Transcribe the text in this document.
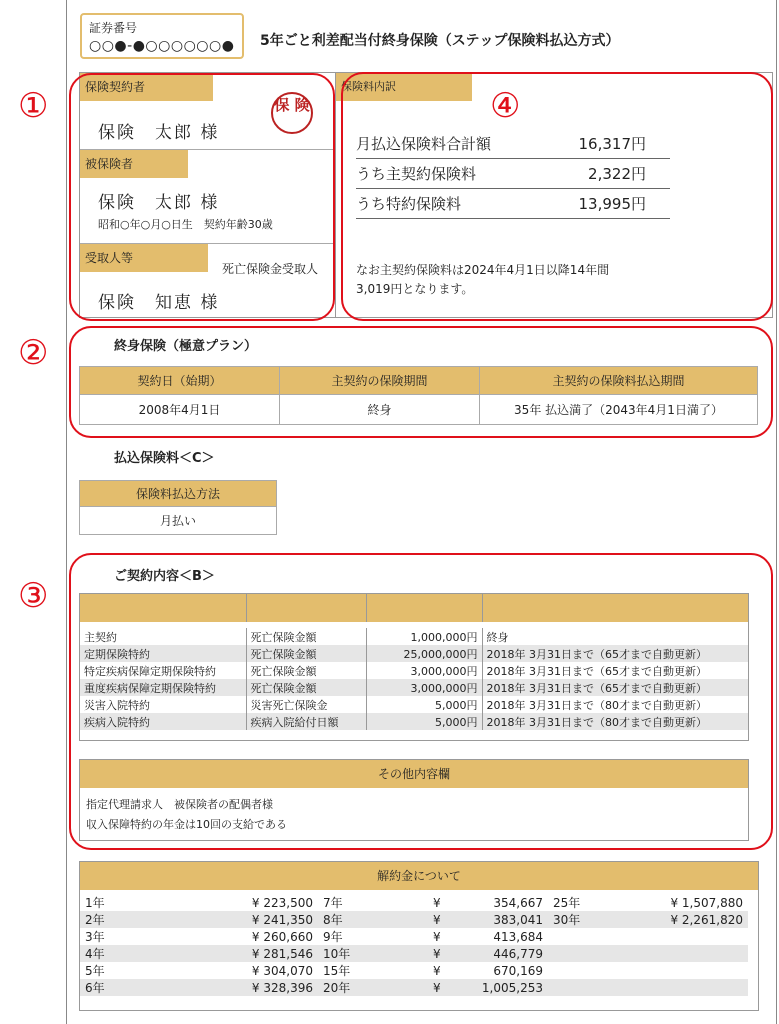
証券番号
○○●-●○○○○○○● 5年ごと利差配当付終身保険（ステップ保険料払込方式）
保険契約者
保険　太郎 様
被保険者
保険　太郎 様
昭和○年○月○日生　契約年齢30歳
受取人等
死亡保険金受取人
保険　知恵 様
保 険
保険料内訳
月払込保険料合計額	16,317円
うち主契約保険料	2,322円
うち特約保険料	13,995円
なお主契約保険料は2024年4月1日以降14年間
3,019円となります。
①	④
②
③
終身保険（極意プラン）
契約日（始期）	主契約の保険期間	主契約の保険料払込期間
2008年4月1日	終身	35年 払込満了（2043年4月1日満了）
払込保険料＜C＞
保険料払込方法
月払い
ご契約内容＜B＞

主契約	死亡保険金額	1,000,000円	終身
定期保険特約	死亡保険金額	25,000,000円	2018年 3月31日まで（65才まで自動更新）
特定疾病保障定期保険特約	死亡保険金額	3,000,000円	2018年 3月31日まで（65才まで自動更新）
重度疾病保障定期保険特約	死亡保険金額	3,000,000円	2018年 3月31日まで（65才まで自動更新）
災害入院特約	災害死亡保険金	5,000円	2018年 3月31日まで（80才まで自動更新）
疾病入院特約	疾病入院給付日額	5,000円	2018年 3月31日まで（80才まで自動更新）
その他内容欄
指定代理請求人　被保険者の配偶者様
収入保障特約の年金は10回の支給である
解約金について
1年	¥ 223,500	7年	¥	354,667	25年	¥ 1,507,880
2年	¥ 241,350	8年	¥	383,041	30年	¥ 2,261,820
3年	¥ 260,660	9年	¥	413,684		
4年	¥ 281,546	10年	¥	446,779		
5年	¥ 304,070	15年	¥	670,169		
6年	¥ 328,396	20年	¥	1,005,253		
